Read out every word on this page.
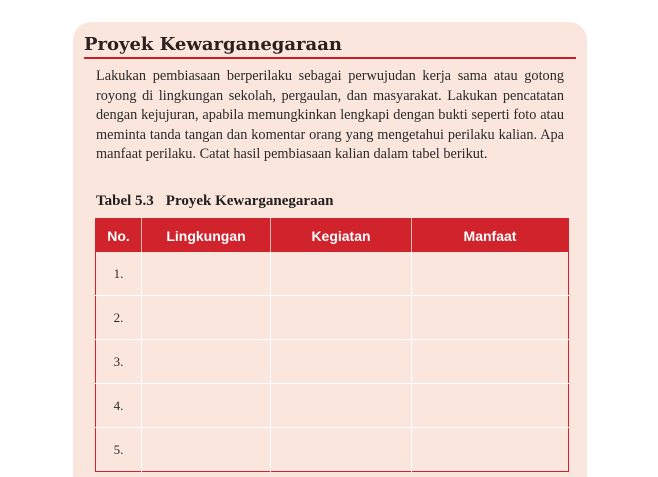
Proyek Kewarganegaraan

Lakukan pembiasaan berperilaku sebagai perwujudan kerja sama atau gotong royong di lingkungan sekolah, pergaulan, dan masyarakat. Lakukan pencatatan dengan kejujuran, apabila memungkinkan lengkapi dengan bukti seperti foto atau meminta tanda tangan dan komentar orang yang mengetahui perilaku kalian. Apa manfaat perilaku. Catat hasil pembiasaan kalian dalam tabel berikut.

Tabel 5.3 Proyek Kewarganegaraan
No.	Lingkungan	Kegiatan	Manfaat
1.			
2.			
3.			
4.			
5.			
